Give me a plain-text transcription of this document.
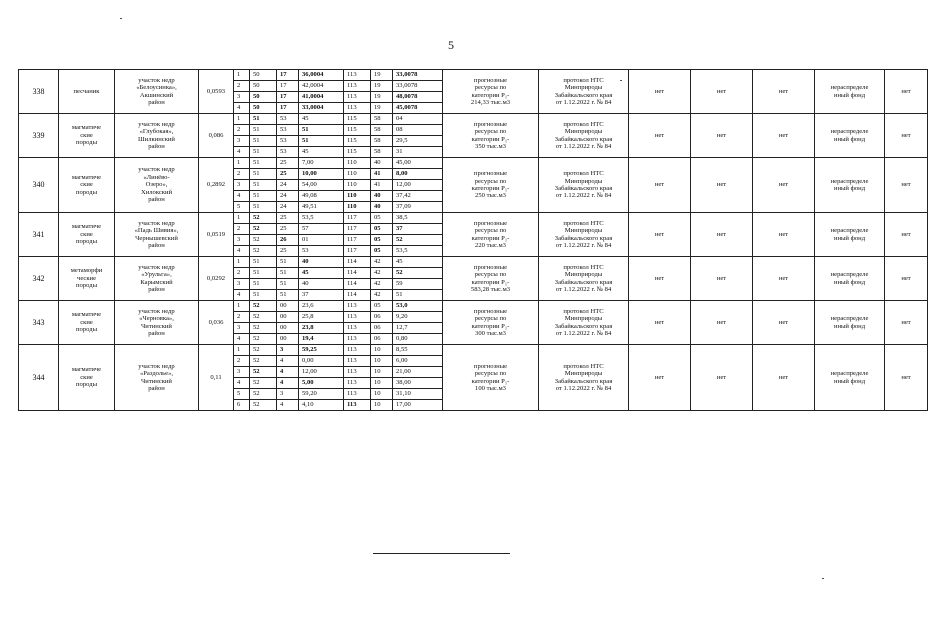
5
338	песчаник	участок недр
«Белоусинка»,
Акшинский
район	0,0593	1	50	17	36,0004	113	19	33,0078	прогнозные
ресурсы по
категории P₁-
214,33 тыс.м3	протокол НТС
Минприроды
Забайкальского края
от 1.12.2022 г. № 84	нет	нет	нет	нераспределе
нный фонд	нет
				2	50	17	42,0004	113	19	33,0078							
				3	50	17	41,0004	113	19	48,0078							
				4	50	17	33,0004	113	19	45,0078							
339	магматиче
ские
породы	участок недр
«Глубокая»,
Шилкинский
район	0,086	1	51	53	45	115	58	04	прогнозные
ресурсы по
категории P₁-
350 тыс.м3	протокол НТС
Минприроды
Забайкальского края
от 1.12.2022 г. № 84	нет	нет	нет	нераспределе
нный фонд	нет
				2	51	53	51	115	58	08							
				3	51	53	51	115	58	29,5							
				4	51	53	45	115	58	31							
340	магматиче
ские
породы	участок недр
«Линёво-
Озеро»,
Хилокский
район	0,2892	1	51	25	7,00	110	40	45,00	прогнозные
ресурсы по
категории P₁-
250 тыс.м3	протокол НТС
Минприроды
Забайкальского края
от 1.12.2022 г. № 84	нет	нет	нет	нераспределе
нный фонд	нет
				2	51	25	10,00	110	41	8,00							
				3	51	24	54,00	110	41	12,00							
				4	51	24	49,08	110	40	37,42							
				5	51	24	49,51	110	40	37,09							
341	магматиче
ские
породы	участок недр
«Падь Шивия»,
Чернышевский
район	0,0519	1	52	25	53,5	117	05	38,5	прогнозные
ресурсы по
категории P₁-
220 тыс.м3	протокол НТС
Минприроды
Забайкальского края
от 1.12.2022 г. № 84	нет	нет	нет	нераспределе
нный фонд	нет
				2	52	25	57	117	05	37							
				3	52	26	01	117	05	52							
				4	52	25	53	117	05	53,5							
342	метаморфи
ческие
породы	участок недр
«Урульга»,
Карымский
район	0,0292	1	51	51	40	114	42	45	прогнозные
ресурсы по
категории P₁-
583,28 тыс.м3	протокол НТС
Минприроды
Забайкальского края
от 1.12.2022 г. № 84	нет	нет	нет	нераспределе
нный фонд	нет
				2	51	51	45	114	42	52							
				3	51	51	40	114	42	59							
				4	51	51	37	114	42	51							
343	магматиче
ские
породы	участок недр
«Черновка»,
Читинский
район	0,036	1	52	00	23,6	113	05	53,0	прогнозные
ресурсы по
категории P₁-
300 тыс.м3	протокол НТС
Минприроды
Забайкальского края
от 1.12.2022 г. № 84	нет	нет	нет	нераспределе
нный фонд	нет
				2	52	00	25,8	113	06	9,20							
				3	52	00	23,8	113	06	12,7							
				4	52	00	19,4	113	06	0,80							
344	магматиче
ские
породы	участок недр
«Раздолье»,
Читинский
район	0,11	1	52	3	59,25	113	10	8,55	прогнозные
ресурсы по
категории P₁-
100 тыс.м3	протокол НТС
Минприроды
Забайкальского края
от 1.12.2022 г. № 84	нет	нет	нет	нераспределе
нный фонд	нет
				2	52	4	0,00	113	10	6,00							
				3	52	4	12,00	113	10	21,00							
				4	52	4	5,00	113	10	38,00							
				5	52	3	59,20	113	10	31,10							
				6	52	4	4,10	113	10	17,00							
